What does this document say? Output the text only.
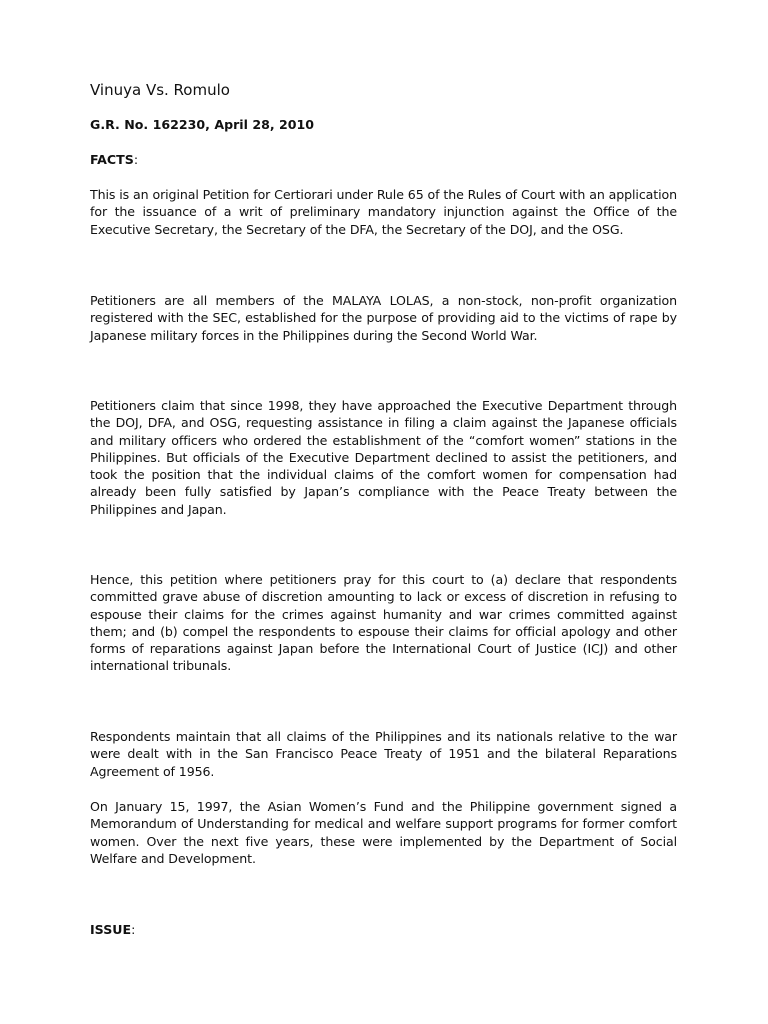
Vinuya Vs. Romulo

G.R. No. 162230, April 28, 2010

FACTS:

This is an original Petition for Certiorari under Rule 65 of the Rules of Court with an application for the issuance of a writ of preliminary mandatory injunction against the Office of the Executive Secretary, the Secretary of the DFA, the Secretary of the DOJ, and the OSG.

Petitioners are all members of the MALAYA LOLAS, a non-stock, non-profit organization registered with the SEC, established for the purpose of providing aid to the victims of rape by Japanese military forces in the Philippines during the Second World War.

Petitioners claim that since 1998, they have approached the Executive Department through the DOJ, DFA, and OSG, requesting assistance in filing a claim against the Japanese officials and military officers who ordered the establishment of the “comfort women” stations in the Philippines. But officials of the Executive Department declined to assist the petitioners, and took the position that the individual claims of the comfort women for compensation had already been fully satisfied by Japan’s compliance with the Peace Treaty between the Philippines and Japan.

Hence, this petition where petitioners pray for this court to (a) declare that respondents committed grave abuse of discretion amounting to lack or excess of discretion in refusing to espouse their claims for the crimes against humanity and war crimes committed against them; and (b) compel the respondents to espouse their claims for official apology and other forms of reparations against Japan before the International Court of Justice (ICJ) and other international tribunals.

Respondents maintain that all claims of the Philippines and its nationals relative to the war were dealt with in the San Francisco Peace Treaty of 1951 and the bilateral Reparations Agreement of 1956.

On January 15, 1997, the Asian Women’s Fund and the Philippine government signed a Memorandum of Understanding for medical and welfare support programs for former comfort women. Over the next five years, these were implemented by the Department of Social Welfare and Development.

ISSUE:
